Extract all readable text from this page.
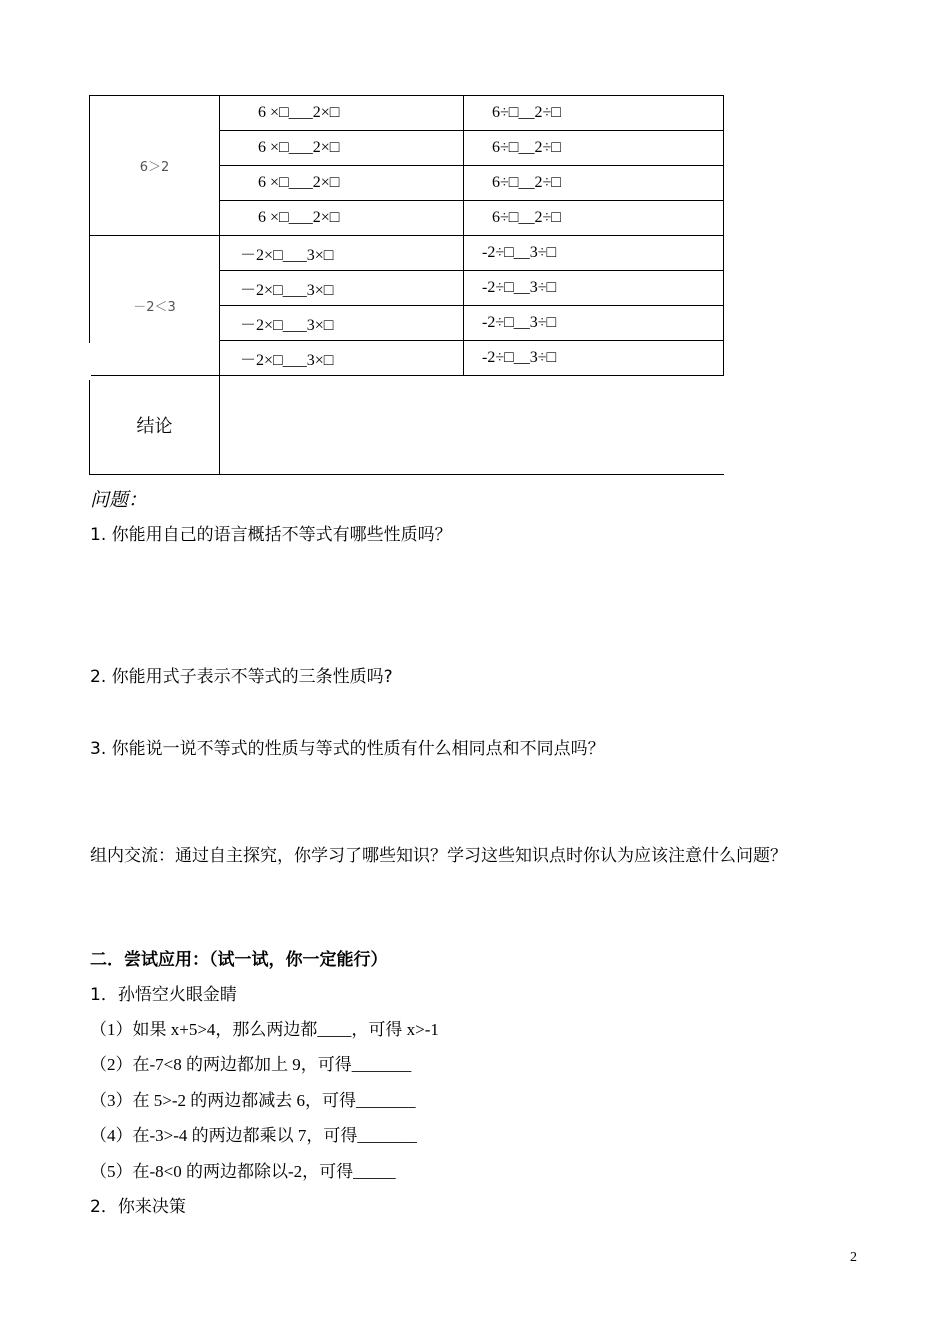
6＞2	6 ×□___2×□	6÷□__2÷□
	6 ×□___2×□	6÷□__2÷□
	6 ×□___2×□	6÷□__2÷□
	6 ×□___2×□	6÷□__2÷□
－2＜3	－2×□___3×□	-2÷□__3÷□
	－2×□___3×□	-2÷□__3÷□
	－2×□___3×□	-2÷□__3÷□
	－2×□___3×□	-2÷□__3÷□
结论		
问题：
1. 你能用自己的语言概括不等式有哪些性质吗？
2. 你能用式子表示不等式的三条性质吗?
3. 你能说一说不等式的性质与等式的性质有什么相同点和不同点吗？
组内交流：通过自主探究，你学习了哪些知识？学习这些知识点时你认为应该注意什么问题？
二．尝试应用：（试一试，你一定能行）
1．孙悟空火眼金睛
（1）如果 x+5>4，那么两边都____，可得 x>-1
（2）在-7<8 的两边都加上 9，可得_______
（3）在 5>-2 的两边都减去 6，可得_______
（4）在-3>-4 的两边都乘以 7，可得_______
（5）在-8<0 的两边都除以-2，可得_____
2．你来决策
2
